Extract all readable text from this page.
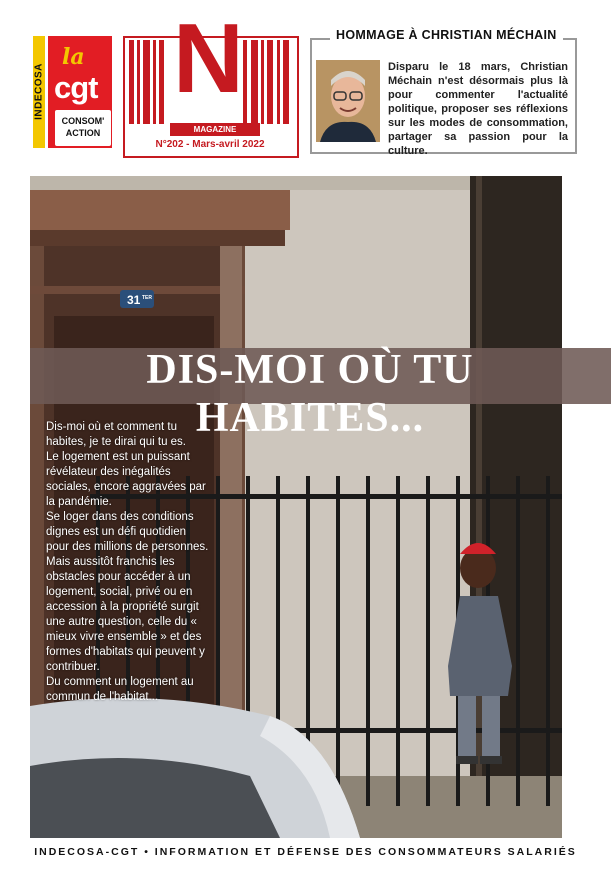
INDECOSA
la
cgt
CONSOM'
ACTION
N
MAGAZINE
N°202 - Mars-avril 2022
HOMMAGE À CHRISTIAN MÉCHAIN
Disparu le 18 mars, Christian Méchain n'est désormais plus là pour commenter l'actualité politique, proposer ses réflexions sur les modes de consommation, partager sa passion pour la culture.
31 TER
DIS-MOI OÙ TU HABITES...

Dis-moi où et comment tu habites, je te dirai qui tu es.

Le logement est un puissant révélateur des inégalités sociales, encore aggravées par la pandémie.

Se loger dans des conditions dignes est un défi quotidien pour des millions de personnes. Mais aussitôt franchis les obstacles pour accéder à un logement, social, privé ou en accession à la propriété surgit une autre question, celle du « mieux vivre ensemble » et des formes d'habitats qui peuvent y contribuer.

Du comment un logement au commun de l'habitat...

INDECOSA-CGT • INFORMATION ET DÉFENSE DES CONSOMMATEURS SALARIÉS
